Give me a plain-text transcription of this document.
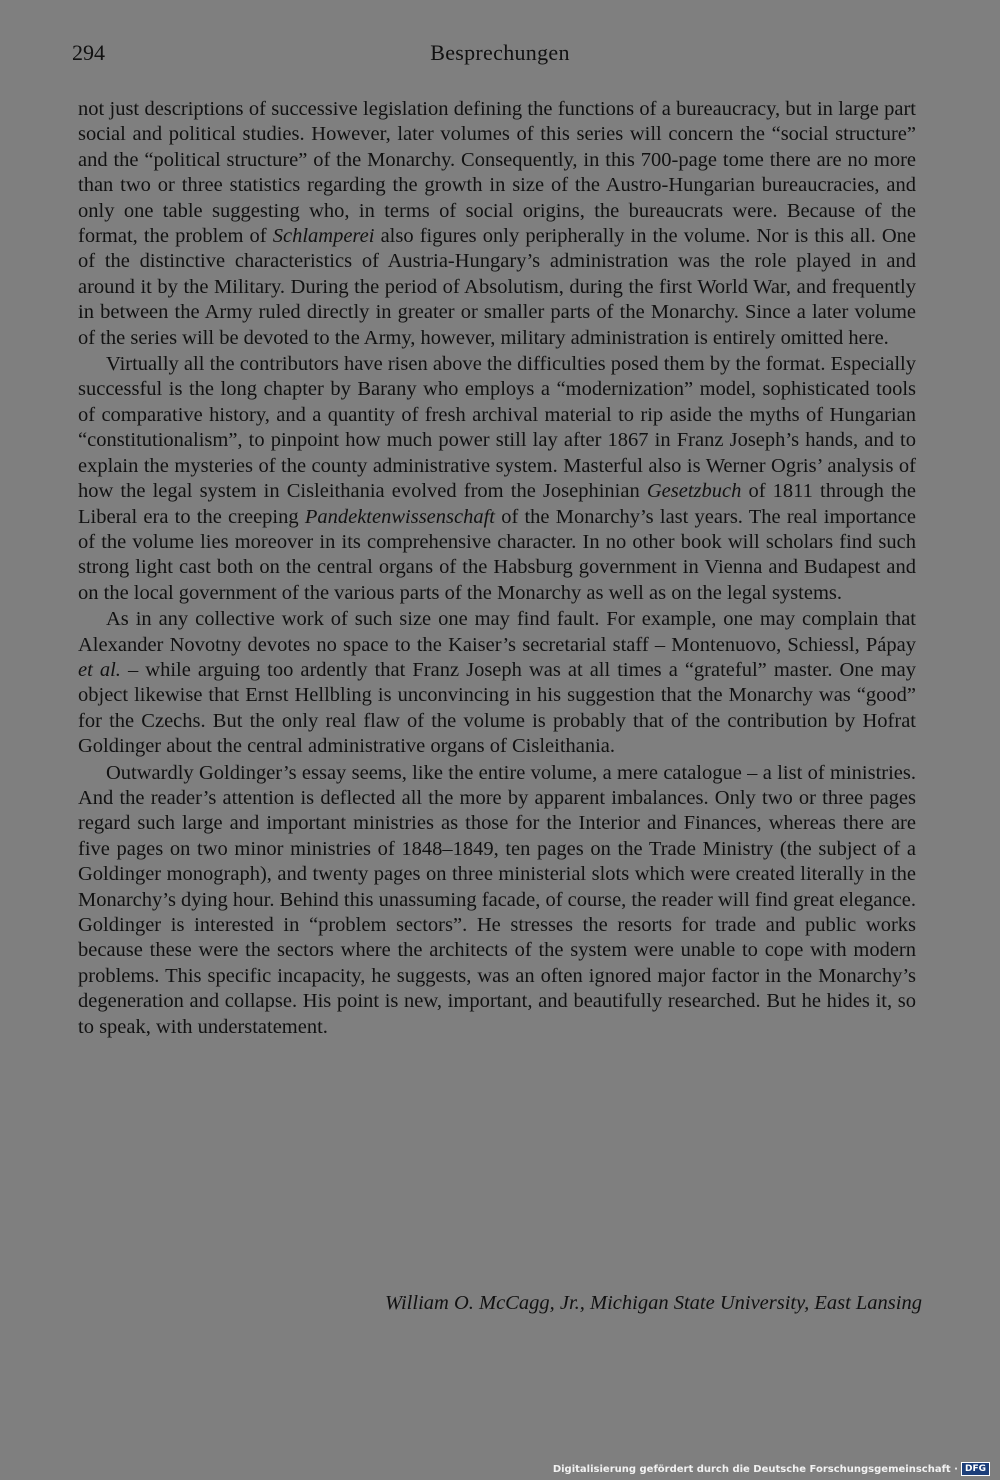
294	Besprechungen

not just descriptions of successive legislation defining the functions of a bureaucracy, but in large part social and political studies. However, later volumes of this series will concern the “social structure” and the “political structure” of the Monarchy. Consequently, in this 700-page tome there are no more than two or three statistics regarding the growth in size of the Austro-Hungarian bureaucracies, and only one table suggesting who, in terms of social origins, the bureaucrats were. Because of the format, the problem of Schlamperei also figures only peripherally in the volume. Nor is this all. One of the distinctive characteristics of Austria-Hungary’s administration was the role played in and around it by the Military. During the period of Absolutism, during the first World War, and frequently in between the Army ruled directly in greater or smaller parts of the Monarchy. Since a later volume of the series will be devoted to the Army, however, military administration is entirely omitted here.

Virtually all the contributors have risen above the difficulties posed them by the format. Especially successful is the long chapter by Barany who employs a “modernization” model, sophisticated tools of comparative history, and a quantity of fresh archival material to rip aside the myths of Hungarian “constitutionalism”, to pinpoint how much power still lay after 1867 in Franz Joseph’s hands, and to explain the mysteries of the county administrative system. Masterful also is Werner Ogris’ analysis of how the legal system in Cisleithania evolved from the Josephinian Gesetzbuch of 1811 through the Liberal era to the creeping Pandektenwissenschaft of the Monarchy’s last years. The real importance of the volume lies moreover in its comprehensive character. In no other book will scholars find such strong light cast both on the central organs of the Habsburg government in Vienna and Budapest and on the local government of the various parts of the Monarchy as well as on the legal systems.

As in any collective work of such size one may find fault. For example, one may complain that Alexander Novotny devotes no space to the Kaiser’s secretarial staff – Montenuovo, Schiessl, Pápay et al. – while arguing too ardently that Franz Joseph was at all times a “grateful” master. One may object likewise that Ernst Hellbling is unconvincing in his suggestion that the Monarchy was “good” for the Czechs. But the only real flaw of the volume is probably that of the contribution by Hofrat Goldinger about the central administrative organs of Cisleithania.

Outwardly Goldinger’s essay seems, like the entire volume, a mere catalogue – a list of ministries. And the reader’s attention is deflected all the more by apparent imbalances. Only two or three pages regard such large and important ministries as those for the Interior and Finances, whereas there are five pages on two minor ministries of 1848–1849, ten pages on the Trade Ministry (the subject of a Goldinger monograph), and twenty pages on three ministerial slots which were created literally in the Monarchy’s dying hour. Behind this unassuming facade, of course, the reader will find great elegance. Goldinger is interested in “problem sectors”. He stresses the resorts for trade and public works because these were the sectors where the architects of the system were unable to cope with modern problems. This specific incapacity, he suggests, was an often ignored major factor in the Monarchy’s degeneration and collapse. His point is new, important, and beautifully researched. But he hides it, so to speak, with understatement.

William O. McCagg, Jr., Michigan State University, East Lansing
Digitalisierung gefördert durch die Deutsche Forschungsgemeinschaft · DFG
